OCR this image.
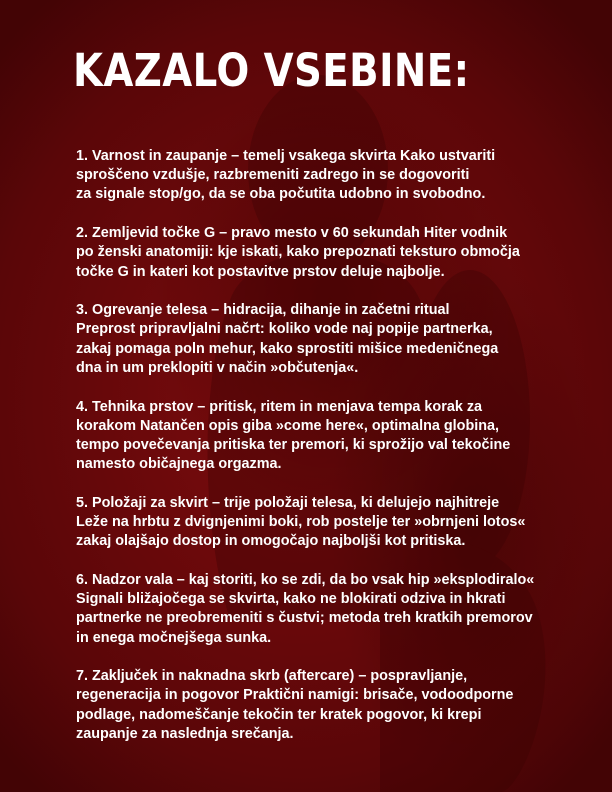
KAZALO VSEBINE:
1. Varnost in zaupanje – temelj vsakega skvirta Kako ustvariti
sproščeno vzdušje, razbremeniti zadrego in se dogovoriti
za signale stop/go, da se oba počutita udobno in svobodno.
2. Zemljevid točke G – pravo mesto v 60 sekundah Hiter vodnik
po ženski anatomiji: kje iskati, kako prepoznati teksturo območja
točke G in kateri kot postavitve prstov deluje najbolje.
3. Ogrevanje telesa – hidracija, dihanje in začetni ritual
Preprost pripravljalni načrt: koliko vode naj popije partnerka,
zakaj pomaga poln mehur, kako sprostiti mišice medeničnega
dna in um preklopiti v način »občutenja«.
4. Tehnika prstov – pritisk, ritem in menjava tempa korak za
korakom Natančen opis giba »come here«, optimalna globina,
tempo povečevanja pritiska ter premori, ki sprožijo val tekočine
namesto običajnega orgazma.
5. Položaji za skvirt – trije položaji telesa, ki delujejo najhitreje
Leže na hrbtu z dvignjenimi boki, rob postelje ter »obrnjeni lotos«
zakaj olajšajo dostop in omogočajo najboljši kot pritiska.
6. Nadzor vala – kaj storiti, ko se zdi, da bo vsak hip »eksplodiralo«
Signali bližajočega se skvirta, kako ne blokirati odziva in hkrati
partnerke ne preobremeniti s čustvi; metoda treh kratkih premorov
in enega močnejšega sunka.
7. Zaključek in naknadna skrb (aftercare) – pospravljanje,
regeneracija in pogovor Praktični namigi: brisače, vodoodporne
podlage, nadomeščanje tekočin ter kratek pogovor, ki krepi
zaupanje za naslednja srečanja.
